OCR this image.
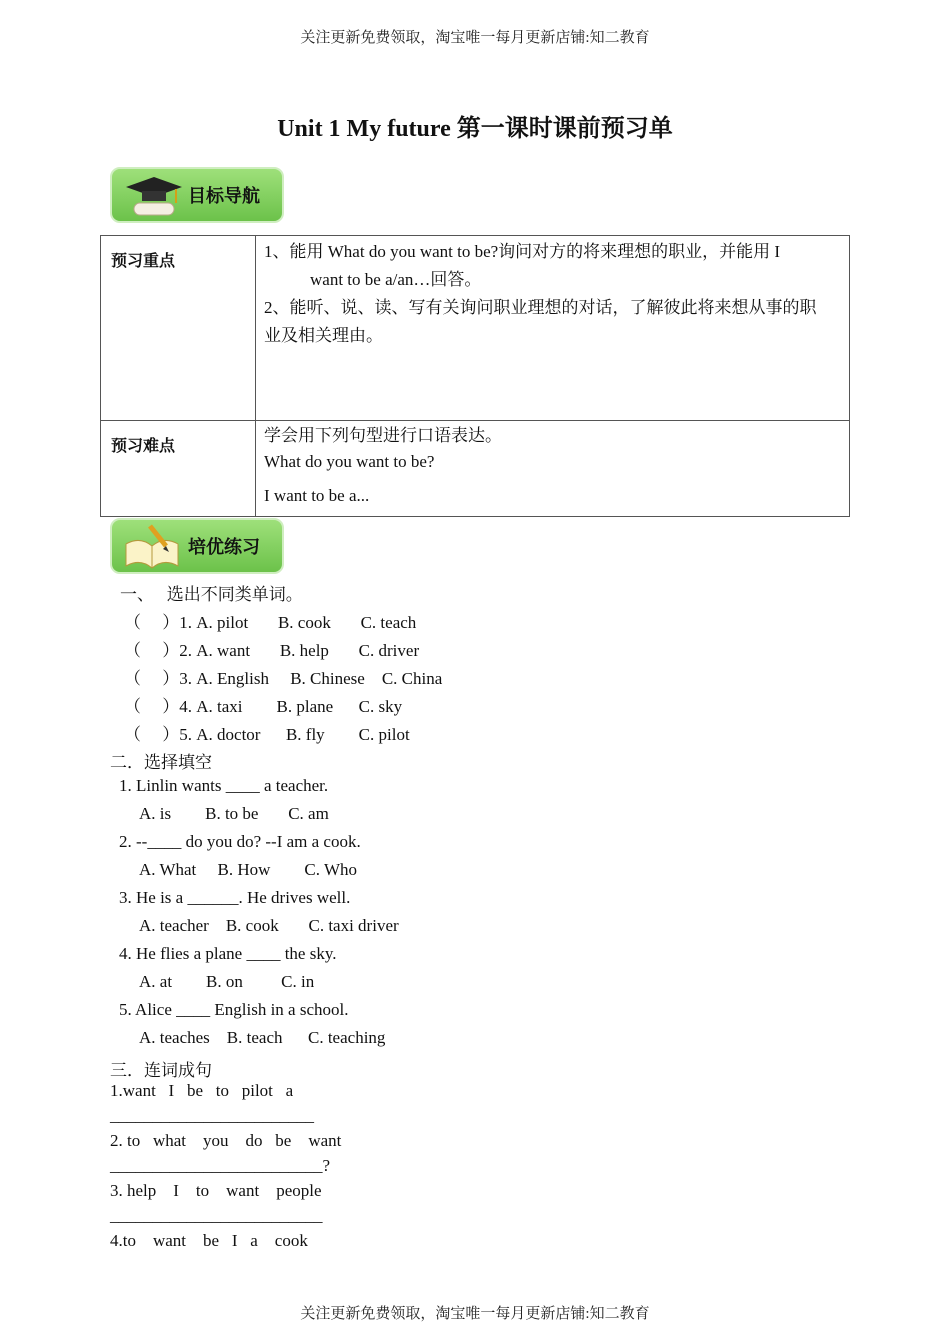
关注更新免费领取，淘宝唯一每月更新店铺:知二教育
Unit 1 My future 第一课时课前预习单
目标导航
预习重点	1、能用 What do you want to be?询问对方的将来理想的职业，并能用 I
want to be a/an…回答。
2、能听、说、读、写有关询问职业理想的对话，了解彼此将来想从事的职
业及相关理由。

预习难点	学会用下列句型进行口语表达。
What do you want to be?
I want to be a...
培优练习
一、   选出不同类单词。
（     ）1. A. pilot       B. cook       C. teach
（     ）2. A. want       B. help       C. driver
（     ）3. A. English     B. Chinese    C. China
（     ）4. A. taxi        B. plane      C. sky
（     ）5. A. doctor      B. fly        C. pilot
二．选择填空
1. Linlin wants ____ a teacher.
A. is        B. to be       C. am
2. --____ do you do? --I am a cook.
A. What     B. How        C. Who
3. He is a ______. He drives well.
A. teacher    B. cook       C. taxi driver
4. He flies a plane ____ the sky.
A. at        B. on         C. in
5. Alice ____ English in a school.
A. teaches    B. teach      C. teaching
三．连词成句
1.want   I   be   to   pilot   a
________________________
2. to   what    you    do   be    want
_________________________?
3. help    I    to    want    people
_________________________
4.to    want    be   I   a    cook
关注更新免费领取，淘宝唯一每月更新店铺:知二教育
